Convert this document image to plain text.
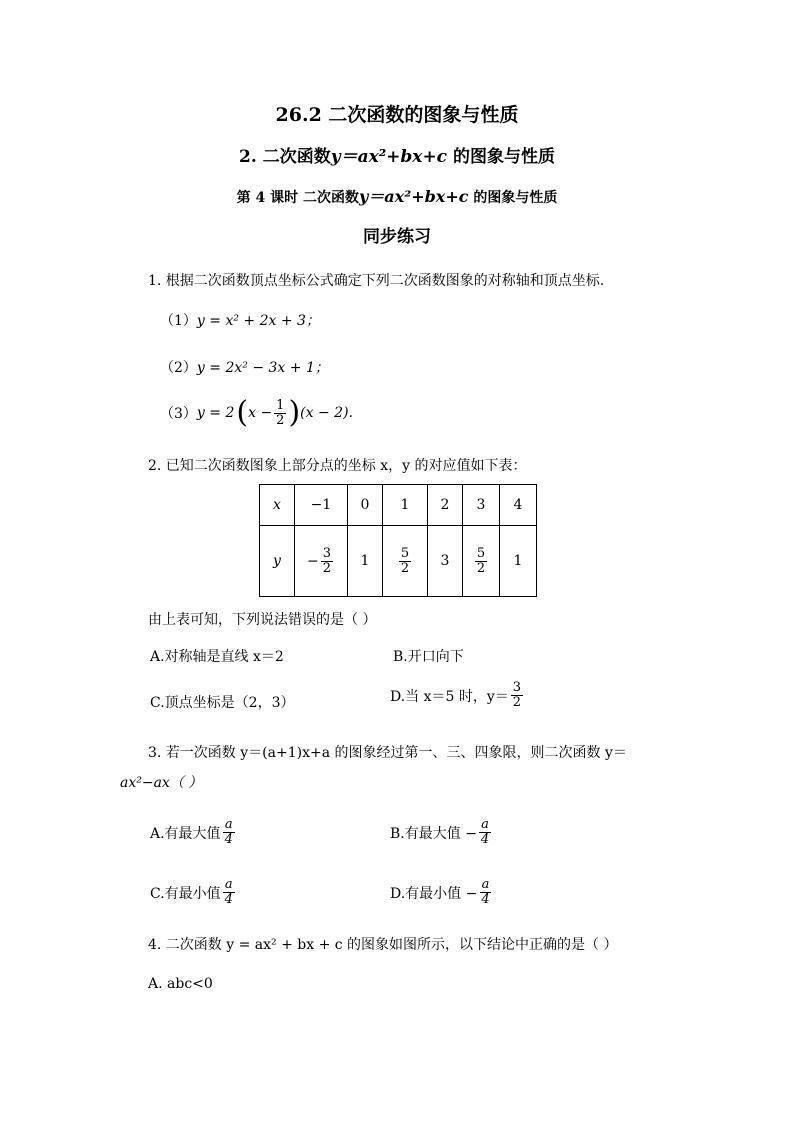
26.2 二次函数的图象与性质
2. 二次函数y＝ax²+bx+c 的图象与性质
第 4 课时 二次函数y＝ax²+bx+c 的图象与性质
同步练习
1. 根据二次函数顶点坐标公式确定下列二次函数图象的对称轴和顶点坐标.
（1）y = x² + 2x + 3；
（2）y = 2x² − 3x + 1；
（3） y = 2 ( $x - \frac{1}{2}$ ) (x − 2).
2. 已知二次函数图象上部分点的坐标 x，y 的对应值如下表：
x	−1	0	1	2	3	4
y	− $\frac{3}{2}$	1	$\frac{5}{2}$	3	$\frac{5}{2}$	1
由上表可知，下列说法错误的是（ ）
A.对称轴是直线 x＝2	B.开口向下
C.顶点坐标是（2，3）	D.当 x＝5 时，$y= \frac{3}{2}$
3. 若一次函数 y＝(a+1)x+a 的图象经过第一、三、四象限，则二次函数 y＝
ax²−ax（ ）
A.有最大值 $\frac{a}{4}$	B.有最大值 − $\frac{a}{4}$
C.有最小值 $\frac{a}{4}$	D.有最小值 − $\frac{a}{4}$
4. 二次函数 y = ax² + bx + c 的图象如图所示，以下结论中正确的是（ ）
A. abc<0
